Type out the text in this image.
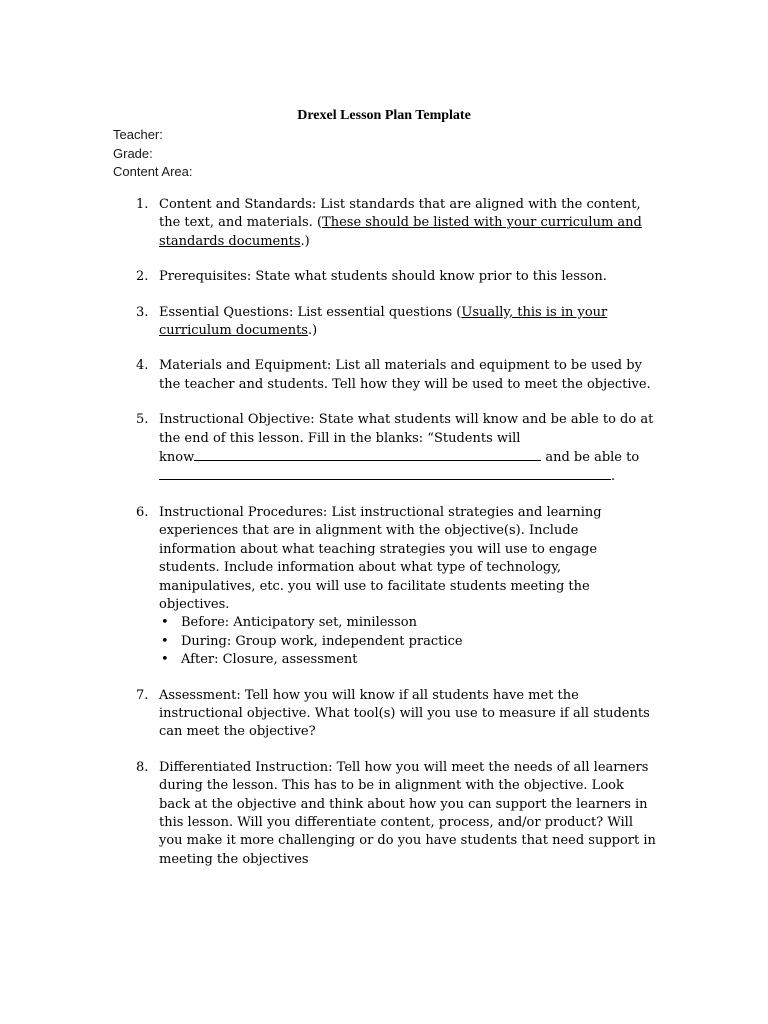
Drexel Lesson Plan Template
Teacher:
Grade:
Content Area:
1. Content and Standards: List standards that are aligned with the content, the text, and materials. (These should be listed with your curriculum and standards documents.)
2. Prerequisites: State what students should know prior to this lesson.
3. Essential Questions: List essential questions (Usually, this is in your curriculum documents.)
4. Materials and Equipment: List all materials and equipment to be used by the teacher and students. Tell how they will be used to meet the objective.
5. Instructional Objective: State what students will know and be able to do at
the end of this lesson. Fill in the blanks: “Students will
know	and be able to
.
6. Instructional Procedures: List instructional strategies and learning experiences that are in alignment with the objective(s). Include information about what teaching strategies you will use to engage students. Include information about what type of technology, manipulatives, etc. you will use to facilitate students meeting the objectives.
• Before: Anticipatory set, minilesson
• During: Group work, independent practice
• After: Closure, assessment
7. Assessment: Tell how you will know if all students have met the instructional objective. What tool(s) will you use to measure if all students can meet the objective?
8. Differentiated Instruction: Tell how you will meet the needs of all learners during the lesson. This has to be in alignment with the objective. Look back at the objective and think about how you can support the learners in this lesson. Will you differentiate content, process, and/or product? Will you make it more challenging or do you have students that need support in meeting the objectives
